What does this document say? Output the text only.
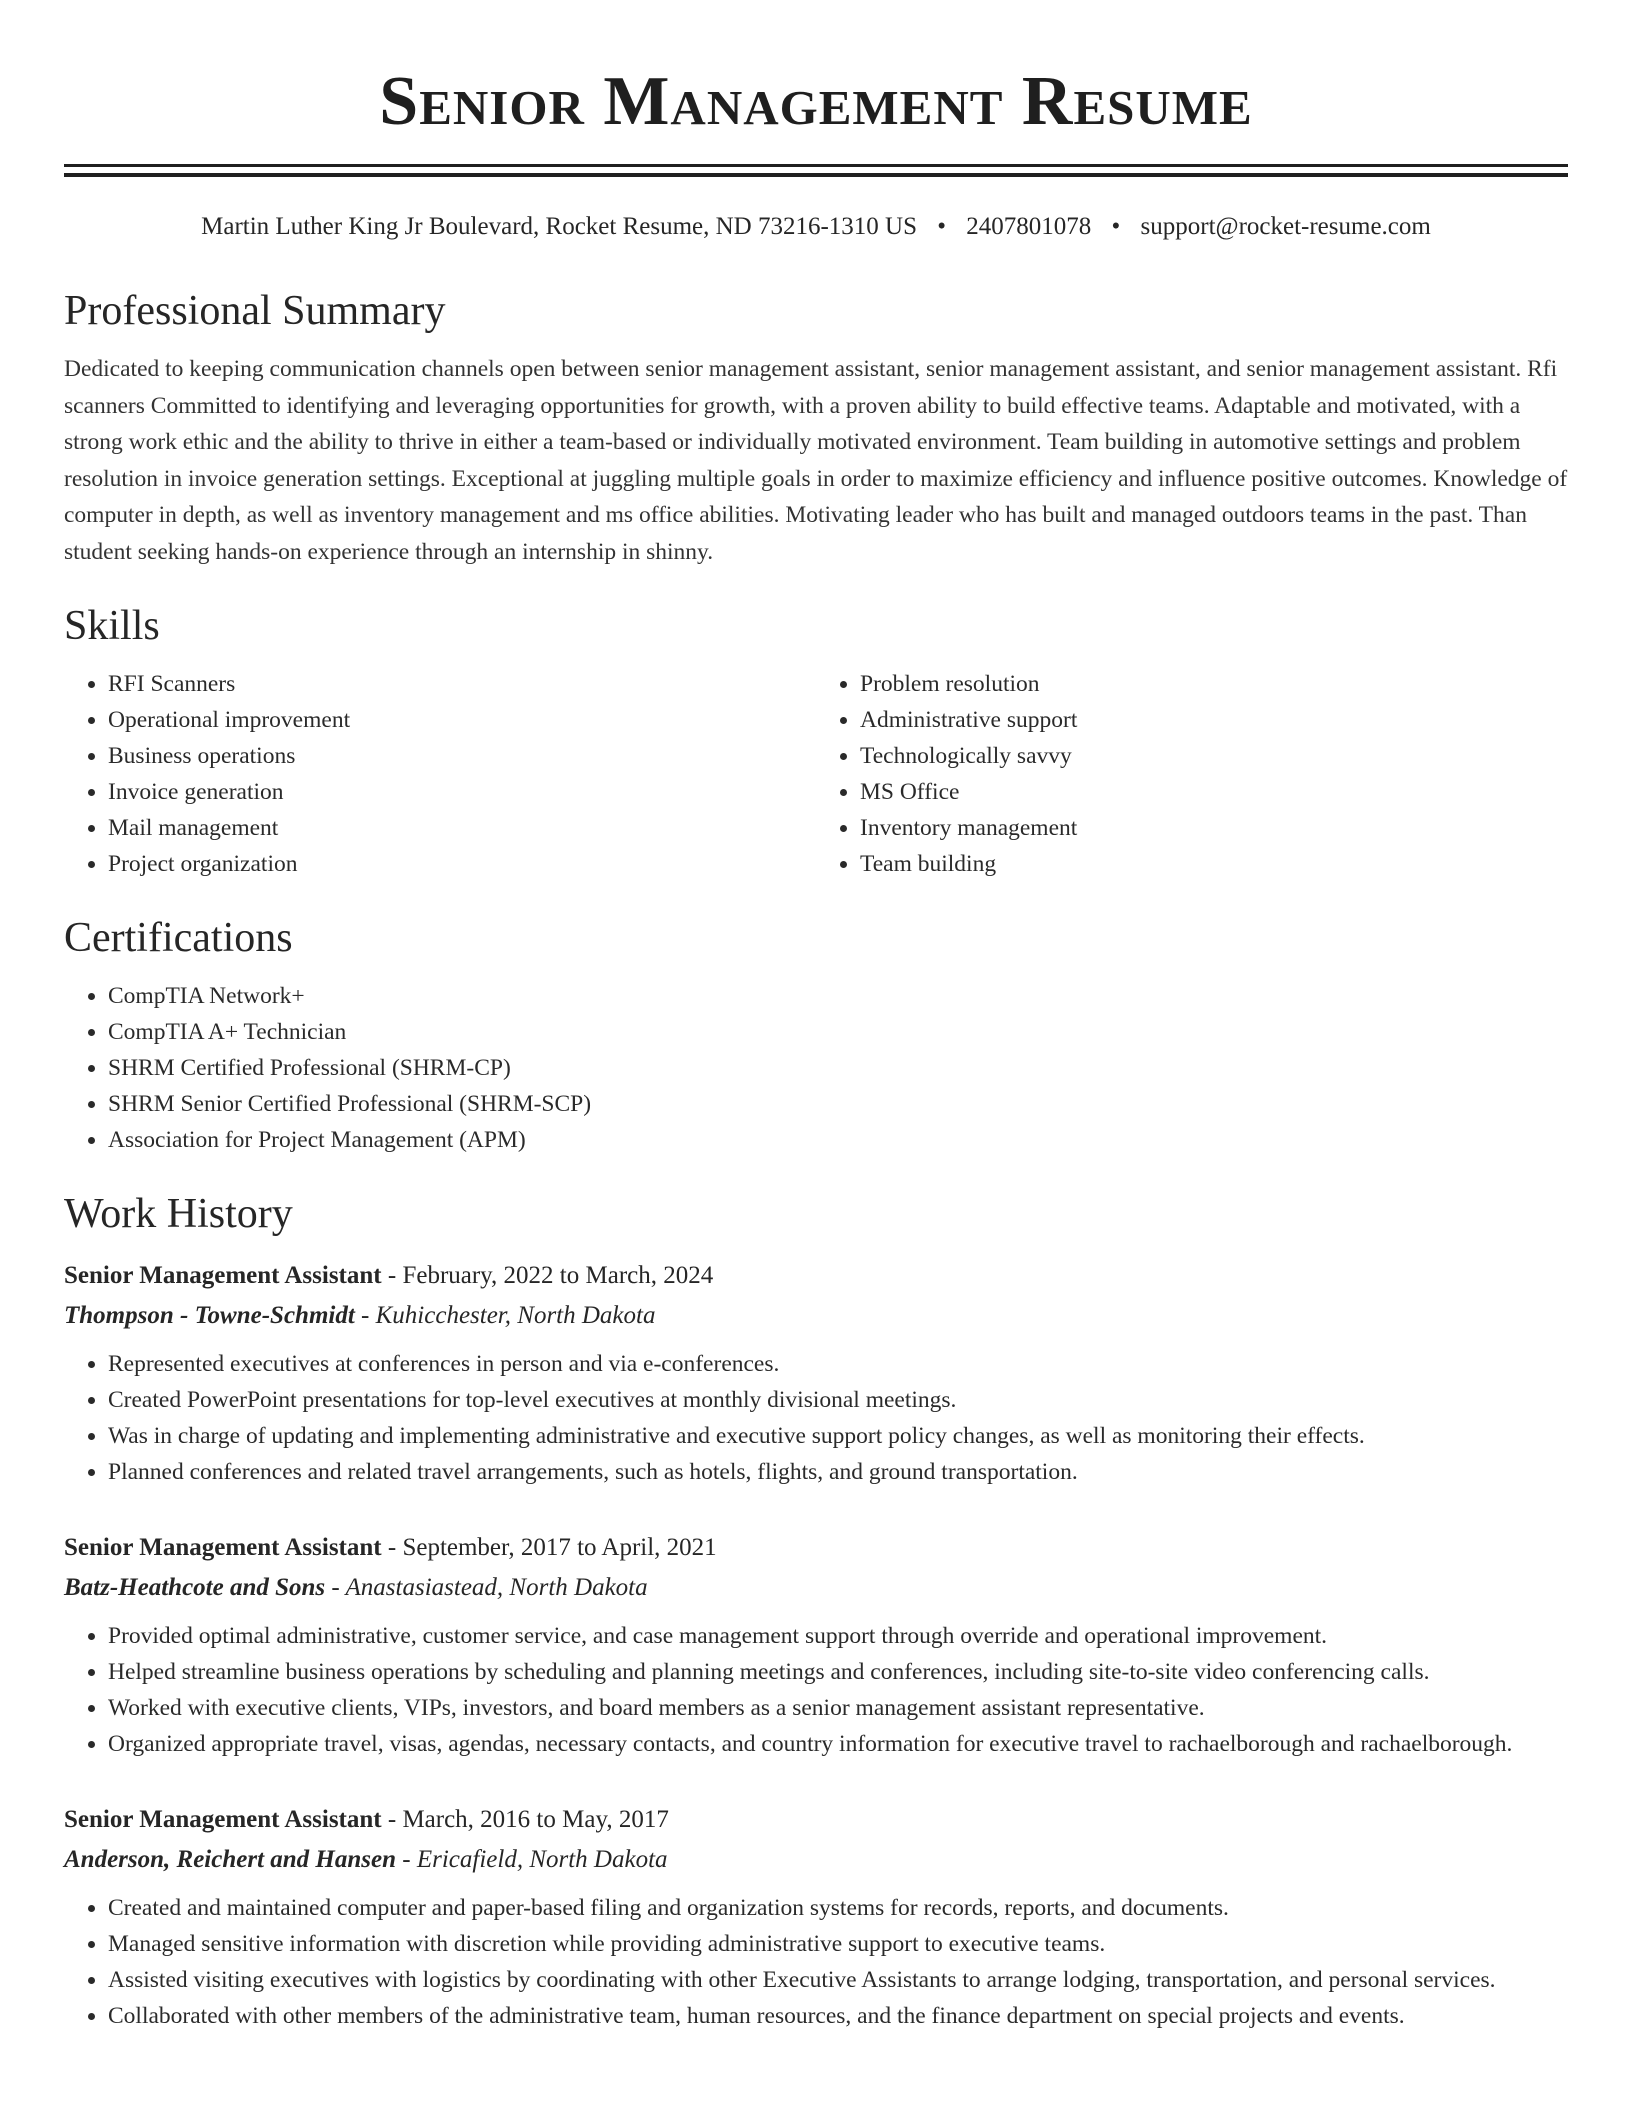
Senior Management Resume
Martin Luther King Jr Boulevard, Rocket Resume, ND 73216-1310 US • 2407801078 • support@rocket-resume.com
Professional Summary

Dedicated to keeping communication channels open between senior management assistant, senior management assistant, and senior management assistant. Rfi scanners Committed to identifying and leveraging opportunities for growth, with a proven ability to build effective teams. Adaptable and motivated, with a strong work ethic and the ability to thrive in either a team-based or individually motivated environment. Team building in automotive settings and problem resolution in invoice generation settings. Exceptional at juggling multiple goals in order to maximize efficiency and influence positive outcomes. Knowledge of computer in depth, as well as inventory management and ms office abilities. Motivating leader who has built and managed outdoors teams in the past. Than student seeking hands-on experience through an internship in shinny.

Skills
• RFI Scanners
• Operational improvement
• Business operations
• Invoice generation
• Mail management
• Project organization
• Problem resolution
• Administrative support
• Technologically savvy
• MS Office
• Inventory management
• Team building
Certifications
• CompTIA Network+
• CompTIA A+ Technician
• SHRM Certified Professional (SHRM-CP)
• SHRM Senior Certified Professional (SHRM-SCP)
• Association for Project Management (APM)
Work History
Senior Management Assistant - February, 2022 to March, 2024
Thompson - Towne-Schmidt - Kuhicchester, North Dakota
• Represented executives at conferences in person and via e-conferences.
• Created PowerPoint presentations for top-level executives at monthly divisional meetings.
• Was in charge of updating and implementing administrative and executive support policy changes, as well as monitoring their effects.
• Planned conferences and related travel arrangements, such as hotels, flights, and ground transportation.
Senior Management Assistant - September, 2017 to April, 2021
Batz-Heathcote and Sons - Anastasiastead, North Dakota
• Provided optimal administrative, customer service, and case management support through override and operational improvement.
• Helped streamline business operations by scheduling and planning meetings and conferences, including site-to-site video conferencing calls.
• Worked with executive clients, VIPs, investors, and board members as a senior management assistant representative.
• Organized appropriate travel, visas, agendas, necessary contacts, and country information for executive travel to rachaelborough and rachaelborough.
Senior Management Assistant - March, 2016 to May, 2017
Anderson, Reichert and Hansen - Ericafield, North Dakota
• Created and maintained computer and paper-based filing and organization systems for records, reports, and documents.
• Managed sensitive information with discretion while providing administrative support to executive teams.
• Assisted visiting executives with logistics by coordinating with other Executive Assistants to arrange lodging, transportation, and personal services.
• Collaborated with other members of the administrative team, human resources, and the finance department on special projects and events.
